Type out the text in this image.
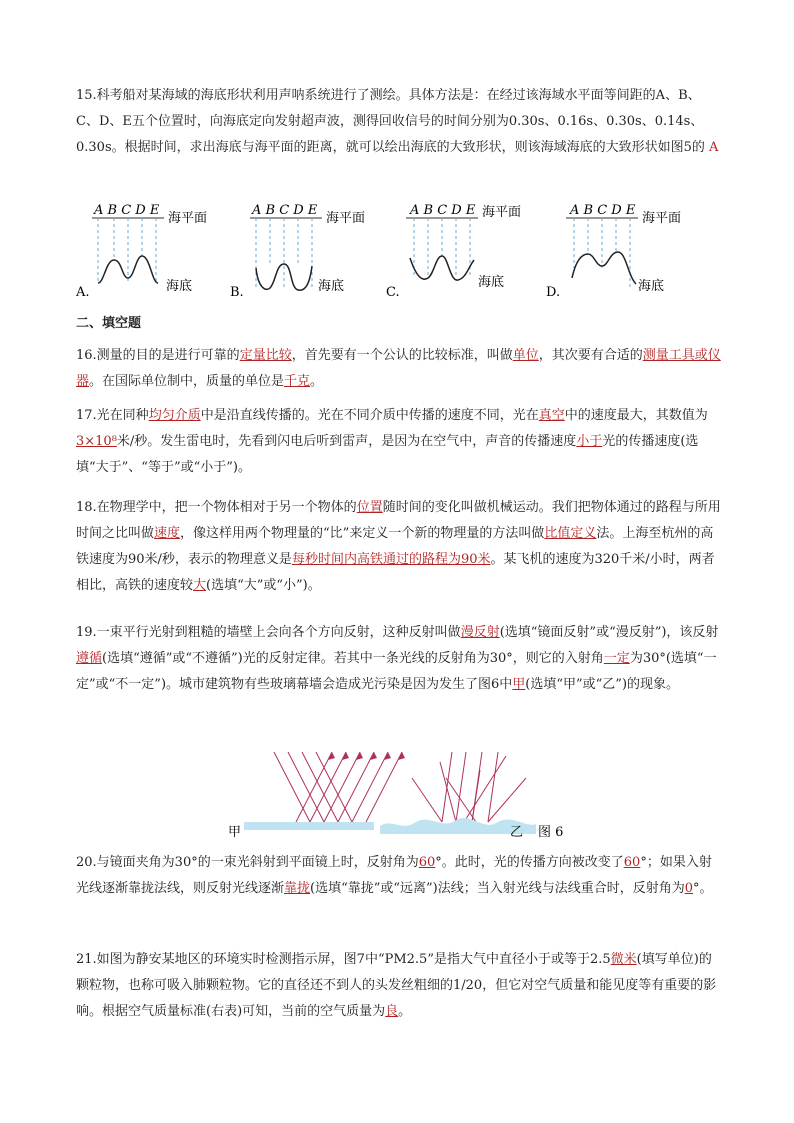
15.科考船对某海域的海底形状利用声呐系统进行了测绘。具体方法是：在经过该海域水平面等间距的A、B、C、D、E五个位置时，向海底定向发射超声波，测得回收信号的时间分别为0.30s、0.16s、0.30s、0.14s、0.30s。根据时间，求出海底与海平面的距离，就可以绘出海底的大致形状，则该海域海底的大致形状如图5的 A
A B C D E
海平面
海底
A B C D E
海平面
海底
A B C D E 海平面
海底
A B C D E
海平面
海底
A.	B.	C.	D.
二、填空题
16.测量的目的是进行可靠的定量比较，首先要有一个公认的比较标准，叫做单位，其次要有合适的测量工具或仪器。在国际单位制中，质量的单位是千克。
17.光在同种均匀介质中是沿直线传播的。光在不同介质中传播的速度不同，光在真空中的速度最大，其数值为3×10⁸米/秒。发生雷电时，先看到闪电后听到雷声，是因为在空气中，声音的传播速度小于光的传播速度(选填“大于”、“等于”或“小于”)。
18.在物理学中，把一个物体相对于另一个物体的位置随时间的变化叫做机械运动。我们把物体通过的路程与所用时间之比叫做速度，像这样用两个物理量的“比”来定义一个新的物理量的方法叫做比值定义法。上海至杭州的高铁速度为90米/秒，表示的物理意义是每秒时间内高铁通过的路程为90米。某飞机的速度为320千米/小时，两者相比，高铁的速度较大(选填“大”或“小”)。
19.一束平行光射到粗糙的墙壁上会向各个方向反射，这种反射叫做漫反射(选填“镜面反射”或“漫反射”)，该反射遵循(选填“遵循”或“不遵循”)光的反射定律。若其中一条光线的反射角为30°，则它的入射角一定为30°(选填“一定”或“不一定”)。城市建筑物有些玻璃幕墙会造成光污染是因为发生了图6中甲(选填“甲”或“乙”)的现象。
甲	乙 图 6
20.与镜面夹角为30°的一束光斜射到平面镜上时，反射角为60°。此时，光的传播方向被改变了60°；如果入射光线逐渐靠拢法线，则反射光线逐渐靠拢(选填“靠拢”或“远离”)法线；当入射光线与法线重合时，反射角为0°。
21.如图为静安某地区的环境实时检测指示屏，图7中“PM2.5”是指大气中直径小于或等于2.5微米(填写单位)的颗粒物，也称可吸入肺颗粒物。它的直径还不到人的头发丝粗细的1/20，但它对空气质量和能见度等有重要的影响。根据空气质量标准(右表)可知，当前的空气质量为良。
